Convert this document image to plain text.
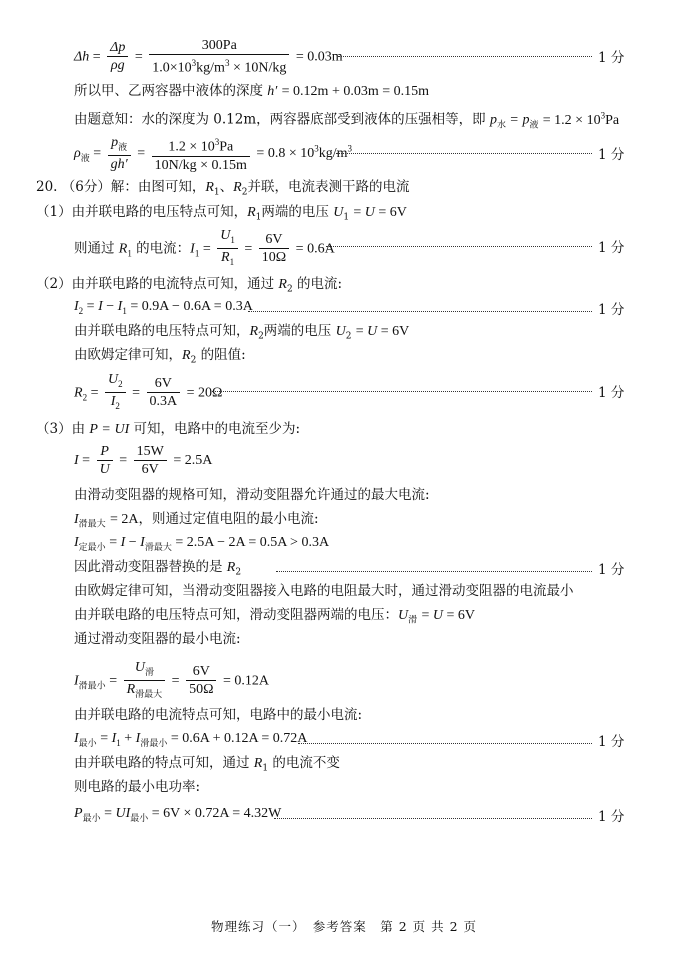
$\Delta h = \frac{\Delta p}{\rho g} = \frac{300Pa}{1.0\times 10^3kg/m^3 \times 10N/kg} = 0.03m$	1 分
所以甲、乙两容器中液体的深度 h′ = 0.12m + 0.03m = 0.15m
由题意知：水的深度为 0.12m，两容器底部受到液体的压强相等，即 $p_水 = p_液 = 1.2 \times 10^3Pa$
$\rho_液 = \frac{p_液}{gh'} = \frac{1.2 \times 10^3Pa}{10N/kg \times 0.15m} = 0.8 \times 10^3kg/m^3$	1 分
20. （6分）解：由图可知，$R_1$、$R_2$并联，电流表测干路的电流
（1）由并联电路的电压特点可知，$R_1$两端的电压 $U_1 = U = 6V$
则通过 $R_1$ 的电流：$I_1 = \frac{U_1}{R_1} = \frac{6V}{10\Omega} = 0.6A$	1 分
（2）由并联电路的电流特点可知，通过 $R_2$ 的电流:
$I_2 = I - I_1 = 0.9A - 0.6A = 0.3A$	1 分
由并联电路的电压特点可知，$R_2$两端的电压 $U_2 = U = 6V$
由欧姆定律可知，$R_2$ 的阻值:
$R_2 = \frac{U_2}{I_2} = \frac{6V}{0.3A} = 20\Omega$	1 分
（3）由 P = UI 可知，电路中的电流至少为:
$I = \frac{P}{U} = \frac{15W}{6V} = 2.5A$
由滑动变阻器的规格可知，滑动变阻器允许通过的最大电流:
$I_{滑最大} = 2A$，则通过定值电阻的最小电流:
$I_{定最小} = I - I_{滑最大} = 2.5A - 2A = 0.5A > 0.3A$
因此滑动变阻器替换的是 $R_2$	1 分
由欧姆定律可知，当滑动变阻器接入电路的电阻最大时，通过滑动变阻器的电流最小
由并联电路的电压特点可知，滑动变阻器两端的电压：$U_滑 = U = 6V$
通过滑动变阻器的最小电流:
$I_{滑最小} = \frac{U_滑}{R_{滑最大}} = \frac{6V}{50\Omega} = 0.12A$
由并联电路的电流特点可知，电路中的最小电流:
$I_{最小} = I_1 + I_{滑最小} = 0.6A + 0.12A = 0.72A$	1 分
由并联电路的特点可知，通过 $R_1$ 的电流不变
则电路的最小电功率:
$P_{最小} = UI_{最小} = 6V \times 0.72A = 4.32W$	1 分
物理练习（一）　参考答案　第 2 页 共 2 页
